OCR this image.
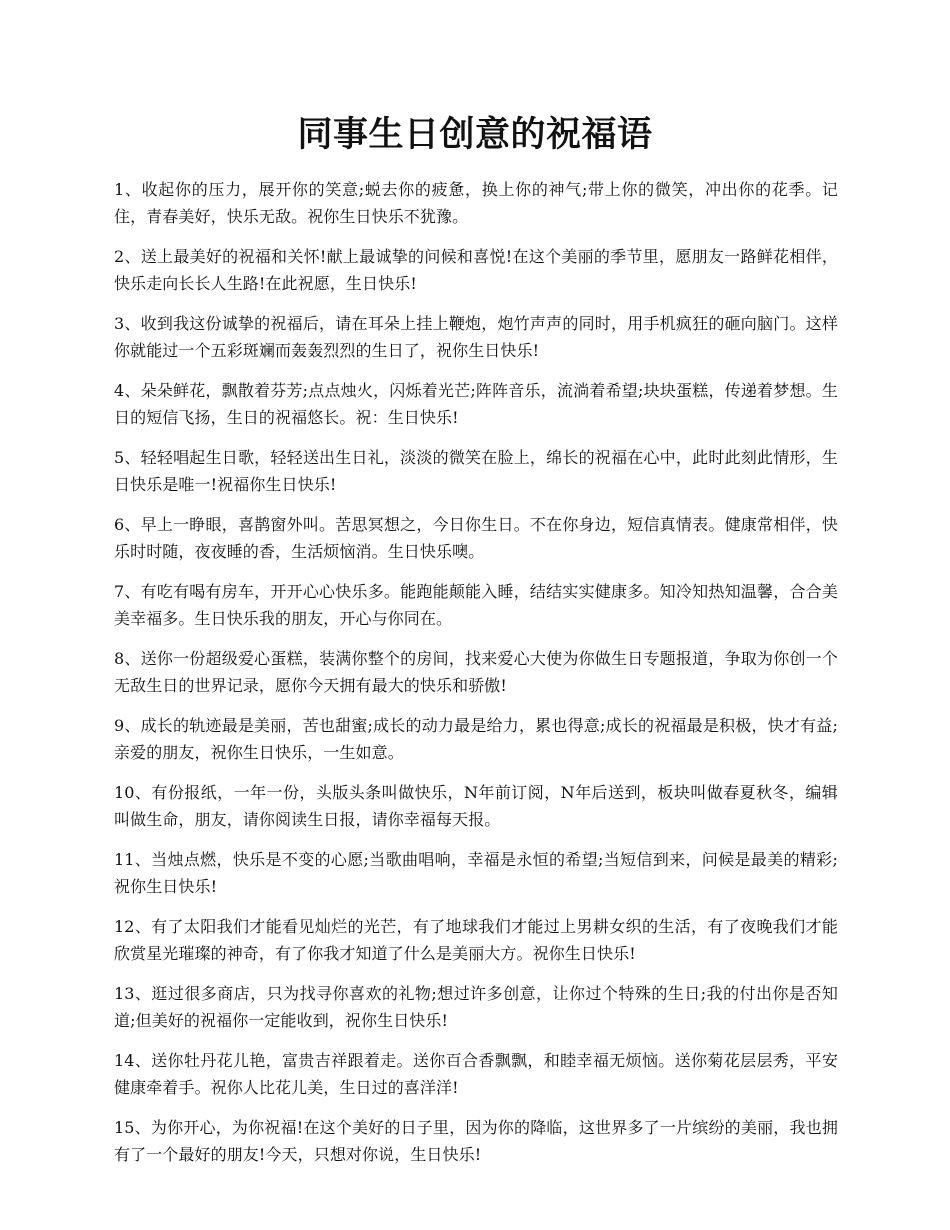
同事生日创意的祝福语

1、收起你的压力，展开你的笑意;蜕去你的疲惫，换上你的神气;带上你的微笑，冲出你的花季。记住，青春美好，快乐无敌。祝你生日快乐不犹豫。

2、送上最美好的祝福和关怀!献上最诚挚的问候和喜悦!在这个美丽的季节里，愿朋友一路鲜花相伴，快乐走向长长人生路!在此祝愿，生日快乐!

3、收到我这份诚挚的祝福后，请在耳朵上挂上鞭炮，炮竹声声的同时，用手机疯狂的砸向脑门。这样你就能过一个五彩斑斓而轰轰烈烈的生日了，祝你生日快乐!

4、朵朵鲜花，飘散着芬芳;点点烛火，闪烁着光芒;阵阵音乐，流淌着希望;块块蛋糕，传递着梦想。生日的短信飞扬，生日的祝福悠长。祝：生日快乐!

5、轻轻唱起生日歌，轻轻送出生日礼，淡淡的微笑在脸上，绵长的祝福在心中，此时此刻此情形，生日快乐是唯一!祝福你生日快乐!

6、早上一睁眼，喜鹊窗外叫。苦思冥想之，今日你生日。不在你身边，短信真情表。健康常相伴，快乐时时随，夜夜睡的香，生活烦恼消。生日快乐噢。

7、有吃有喝有房车，开开心心快乐多。能跑能颠能入睡，结结实实健康多。知冷知热知温馨，合合美美幸福多。生日快乐我的朋友，开心与你同在。

8、送你一份超级爱心蛋糕，装满你整个的房间，找来爱心大使为你做生日专题报道，争取为你创一个无敌生日的世界记录，愿你今天拥有最大的快乐和骄傲!

9、成长的轨迹最是美丽，苦也甜蜜;成长的动力最是给力，累也得意;成长的祝福最是积极，快才有益;亲爱的朋友，祝你生日快乐，一生如意。

10、有份报纸，一年一份，头版头条叫做快乐，N年前订阅，N年后送到，板块叫做春夏秋冬，编辑叫做生命，朋友，请你阅读生日报，请你幸福每天报。

11、当烛点燃，快乐是不变的心愿;当歌曲唱响，幸福是永恒的希望;当短信到来，问候是最美的精彩;祝你生日快乐!

12、有了太阳我们才能看见灿烂的光芒，有了地球我们才能过上男耕女织的生活，有了夜晚我们才能欣赏星光璀璨的神奇，有了你我才知道了什么是美丽大方。祝你生日快乐!

13、逛过很多商店，只为找寻你喜欢的礼物;想过许多创意，让你过个特殊的生日;我的付出你是否知道;但美好的祝福你一定能收到，祝你生日快乐!

14、送你牡丹花儿艳，富贵吉祥跟着走。送你百合香飘飘，和睦幸福无烦恼。送你菊花层层秀，平安健康牵着手。祝你人比花儿美，生日过的喜洋洋!

15、为你开心，为你祝福!在这个美好的日子里，因为你的降临，这世界多了一片缤纷的美丽，我也拥有了一个最好的朋友!今天，只想对你说，生日快乐!
